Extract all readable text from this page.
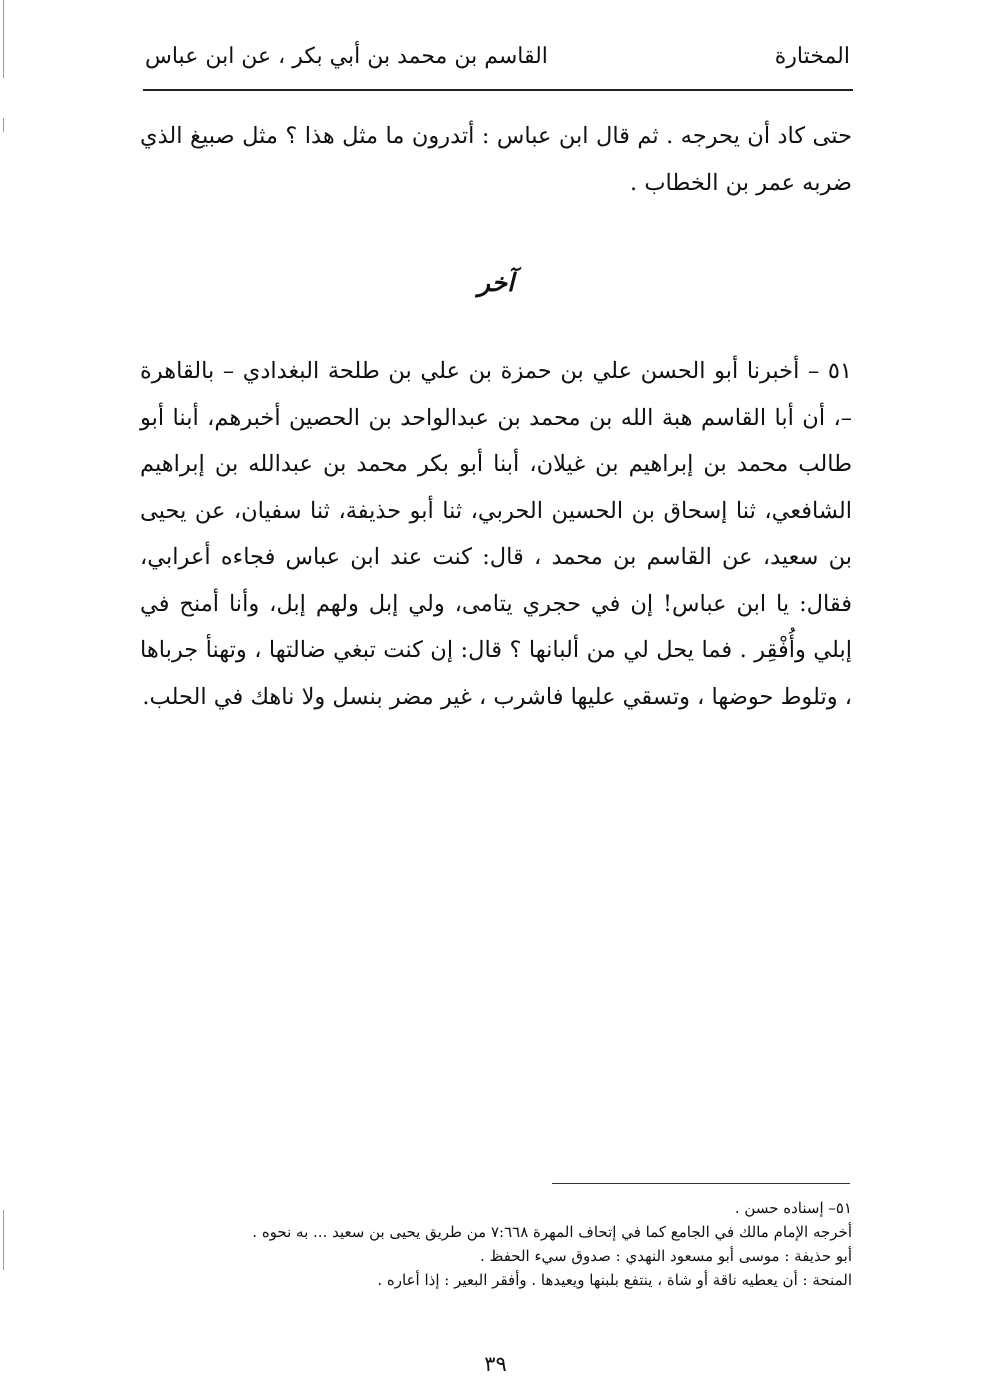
المختارة
القاسم بن محمد بن أبي بكر ، عن ابن عباس
حتى كاد أن يحرجه . ثم قال ابن عباس : أتدرون ما مثل هذا ؟ مثل صبيغ الذي ضربه عمر بن الخطاب .
آخر
٥١ – أخبرنا أبو الحسن علي بن حمزة بن علي بن طلحة البغدادي – بالقاهرة –، أن أبا القاسم هبة الله بن محمد بن عبدالواحد بن الحصين أخبرهم، أبنا أبو طالب محمد بن إبراهيم بن غيلان، أبنا أبو بكر محمد بن عبدالله بن إبراهيم الشافعي، ثنا إسحاق بن الحسين الحربي، ثنا أبو حذيفة، ثنا سفيان، عن يحيى بن سعيد، عن القاسم بن محمد ، قال: كنت عند ابن عباس فجاءه أعرابي، فقال: يا ابن عباس! إن في حجري يتامى، ولي إبل ولهم إبل، وأنا أمنح في إبلي وأُفْقِر . فما يحل لي من ألبانها ؟ قال: إن كنت تبغي ضالتها ، وتهنأ جرباها ، وتلوط حوضها ، وتسقي عليها فاشرب ، غير مضر بنسل ولا ناهك في الحلب.
٥١– إسناده حسن .
أخرجه الإمام مالك في الجامع كما في إتحاف المهرة ٧:٦٦٨ من طريق يحيى بن سعيد ... به نحوه .
أبو حذيفة : موسى أبو مسعود النهدي : صدوق سيء الحفظ .
المنحة : أن يعطيه ناقة أو شاة ، ينتفع بلبنها ويعيدها . وأفقر البعير : إذا أعاره .
٣٩
